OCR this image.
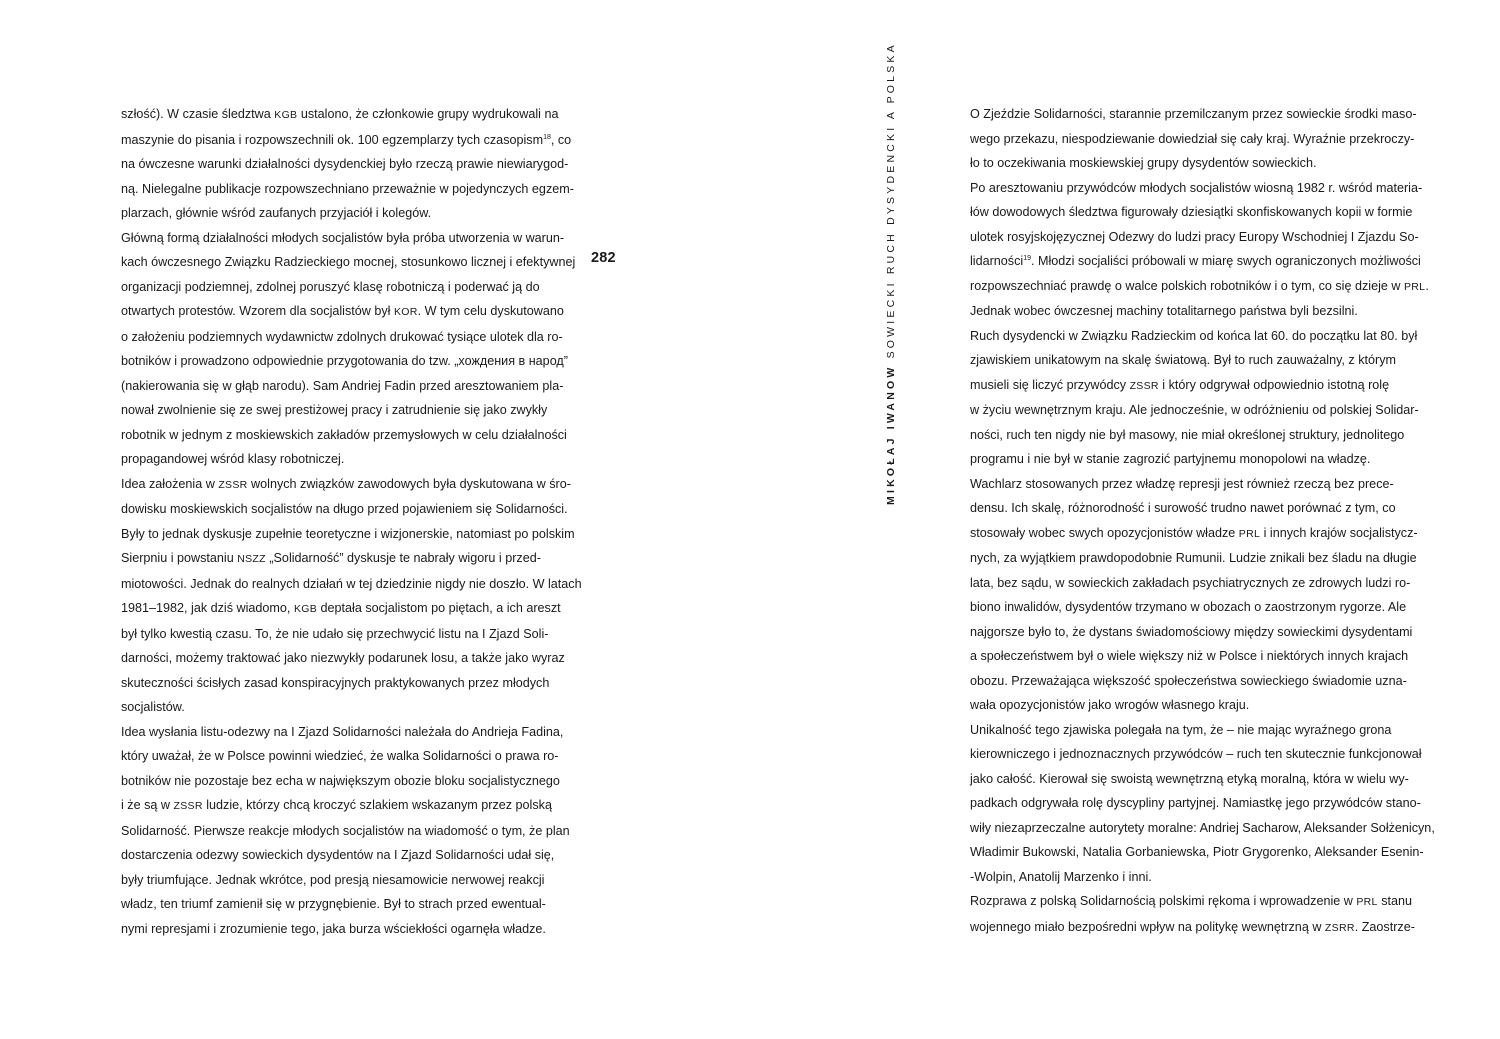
szłość). W czasie śledztwa KGB ustalono, że członkowie grupy wydrukowali na
maszynie do pisania i rozpowszechnili ok. 100 egzemplarzy tych czasopism$^{18}$, co
na ówczesne warunki działalności dysydenckiej było rzeczą prawie niewiarygod-
ną. Nielegalne publikacje rozpowszechniano przeważnie w pojedynczych egzem-
plarzach, głównie wśród zaufanych przyjaciół i kolegów.
Główną formą działalności młodych socjalistów była próba utworzenia w warun-
kach ówczesnego Związku Radzieckiego mocnej, stosunkowo licznej i efektywnej
organizacji podziemnej, zdolnej poruszyć klasę robotniczą i poderwać ją do
otwartych protestów. Wzorem dla socjalistów był KOR. W tym celu dyskutowano
o założeniu podziemnych wydawnictw zdolnych drukować tysiące ulotek dla ro-
botników i prowadzono odpowiednie przygotowania do tzw. „хождения в народ”
(nakierowania się w głąb narodu). Sam Andriej Fadin przed aresztowaniem pla-
nował zwolnienie się ze swej prestiżowej pracy i zatrudnienie się jako zwykły
robotnik w jednym z moskiewskich zakładów przemysłowych w celu działalności
propagandowej wśród klasy robotniczej.
Idea założenia w ZSSR wolnych związków zawodowych była dyskutowana w śro-
dowisku moskiewskich socjalistów na długo przed pojawieniem się Solidarności.
Były to jednak dyskusje zupełnie teoretyczne i wizjonerskie, natomiast po polskim
Sierpniu i powstaniu NSZZ „Solidarność” dyskusje te nabrały wigoru i przed-
miotowości. Jednak do realnych działań w tej dziedzinie nigdy nie doszło. W latach
1981–1982, jak dziś wiadomo, KGB deptała socjalistom po piętach, a ich areszt
był tylko kwestią czasu. To, że nie udało się przechwycić listu na I Zjazd Soli-
darności, możemy traktować jako niezwykły podarunek losu, a także jako wyraz
skuteczności ścisłych zasad konspiracyjnych praktykowanych przez młodych
socjalistów.
Idea wysłania listu-odezwy na I Zjazd Solidarności należała do Andrieja Fadina,
który uważał, że w Polsce powinni wiedzieć, że walka Solidarności o prawa ro-
botników nie pozostaje bez echa w największym obozie bloku socjalistycznego
i że są w ZSSR ludzie, którzy chcą kroczyć szlakiem wskazanym przez polską
Solidarność. Pierwsze reakcje młodych socjalistów na wiadomość o tym, że plan
dostarczenia odezwy sowieckich dysydentów na I Zjazd Solidarności udał się,
były triumfujące. Jednak wkrótce, pod presją niesamowicie nerwowej reakcji
władz, ten triumf zamienił się w przygnębienie. Był to strach przed ewentual-
nymi represjami i zrozumienie tego, jaka burza wściekłości ogarnęła władze.
282
MIKOŁAJ IWANOW SOWIECKI RUCH DYSYDENCKI A POLSKA	O Zjeździe Solidarności, starannie przemilczanym przez sowieckie środki maso-
wego przekazu, niespodziewanie dowiedział się cały kraj. Wyraźnie przekroczy-
ło to oczekiwania moskiewskiej grupy dysydentów sowieckich.
Po aresztowaniu przywódców młodych socjalistów wiosną 1982 r. wśród materia-
łów dowodowych śledztwa figurowały dziesiątki skonfiskowanych kopii w formie
ulotek rosyjskojęzycznej Odezwy do ludzi pracy Europy Wschodniej I Zjazdu So-
lidarności$^{19}$. Młodzi socjaliści próbowali w miarę swych ograniczonych możliwości
rozpowszechniać prawdę o walce polskich robotników i o tym, co się dzieje w PRL.
Jednak wobec ówczesnej machiny totalitarnego państwa byli bezsilni.
Ruch dysydencki w Związku Radzieckim od końca lat 60. do początku lat 80. był
zjawiskiem unikatowym na skalę światową. Był to ruch zauważalny, z którym
musieli się liczyć przywódcy ZSSR i który odgrywał odpowiednio istotną rolę
w życiu wewnętrznym kraju. Ale jednocześnie, w odróżnieniu od polskiej Solidar-
ności, ruch ten nigdy nie był masowy, nie miał określonej struktury, jednolitego
programu i nie był w stanie zagrozić partyjnemu monopolowi na władzę.
Wachlarz stosowanych przez władzę represji jest również rzeczą bez prece-
densu. Ich skalę, różnorodność i surowość trudno nawet porównać z tym, co
stosowały wobec swych opozycjonistów władze PRL i innych krajów socjalistycz-
nych, za wyjątkiem prawdopodobnie Rumunii. Ludzie znikali bez śladu na długie
lata, bez sądu, w sowieckich zakładach psychiatrycznych ze zdrowych ludzi ro-
biono inwalidów, dysydentów trzymano w obozach o zaostrzonym rygorze. Ale
najgorsze było to, że dystans świadomościowy między sowieckimi dysydentami
a społeczeństwem był o wiele większy niż w Polsce i niektórych innych krajach
obozu. Przeważająca większość społeczeństwa sowieckiego świadomie uzna-
wała opozycjonistów jako wrogów własnego kraju.
Unikalność tego zjawiska polegała na tym, że – nie mając wyraźnego grona
kierowniczego i jednoznacznych przywódców – ruch ten skutecznie funkcjonował
jako całość. Kierował się swoistą wewnętrzną etyką moralną, która w wielu wy-
padkach odgrywała rolę dyscypliny partyjnej. Namiastkę jego przywódców stano-
wiły niezaprzeczalne autorytety moralne: Andriej Sacharow, Aleksander Sołżenicyn,
Władimir Bukowski, Natalia Gorbaniewska, Piotr Grygorenko, Aleksander Esenin-
-Wolpin, Anatolij Marzenko i inni.
Rozprawa z polską Solidarnością polskimi rękoma i wprowadzenie w PRL stanu
wojennego miało bezpośredni wpływ na politykę wewnętrzną w ZSRR. Zaostrze-
